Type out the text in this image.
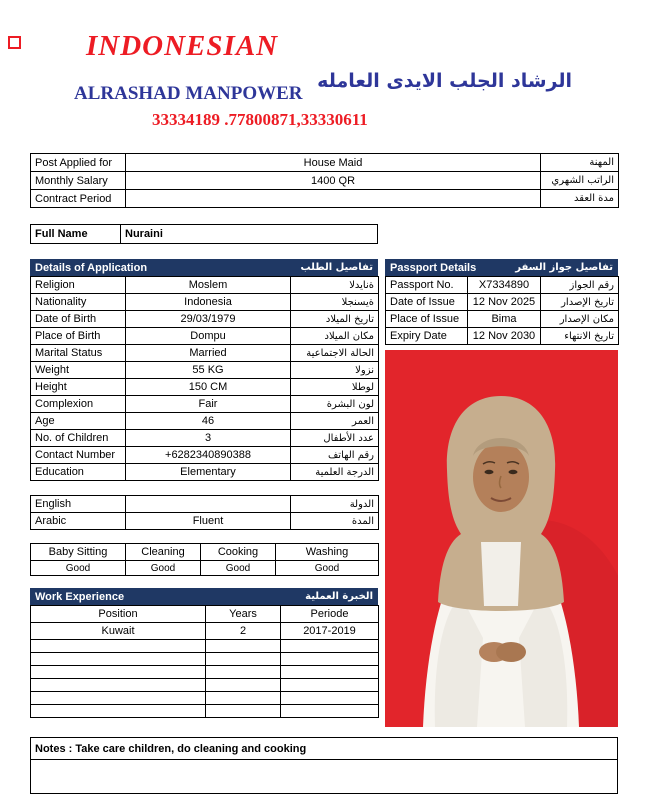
INDONESIAN
ALRASHAD MANPOWER
الرشاد الجلب الايدى العامله
33334189 .77800871,33330611
Post Applied for	House Maid	المهنة
Monthly Salary	1400 QR	الراتب الشهري
Contract Period		مدة العقد
Full Name	Nuraini
Details of Application	تفاصيل الطلب
Religion	Moslem	ةنايدلا
Nationality	Indonesia	ةيسنجلا
Date of Birth	29/03/1979	تاريخ الميلاد
Place of Birth	Dompu	مكان الميلاد
Marital Status	Married	الحالة الاجتماعية
Weight	55 KG	نزولا
Height	150 CM	لوطلا
Complexion	Fair	لون البشرة
Age	46	العمر
No. of Children	3	عدد الأطفال
Contact Number	+6282340890388	رقم الهاتف
Education	Elementary	الدرجة العلمية
English		الدولة
Arabic	Fluent	المدة
Baby Sitting	Cleaning	Cooking	Washing
Good	Good	Good	Good
Work Experience	الخبرة العملية
Position	Years	Periode
Kuwait	2	2017-2019

Passport Details	تفاصيل جواز السفر
Passport No.	X7334890	رقم الجواز
Date of Issue	12 Nov 2025	تاريخ الإصدار
Place of Issue	Bima	مكان الإصدار
Expiry Date	12 Nov 2030	تاريخ الانتهاء
Notes : Take care children, do cleaning and cooking
